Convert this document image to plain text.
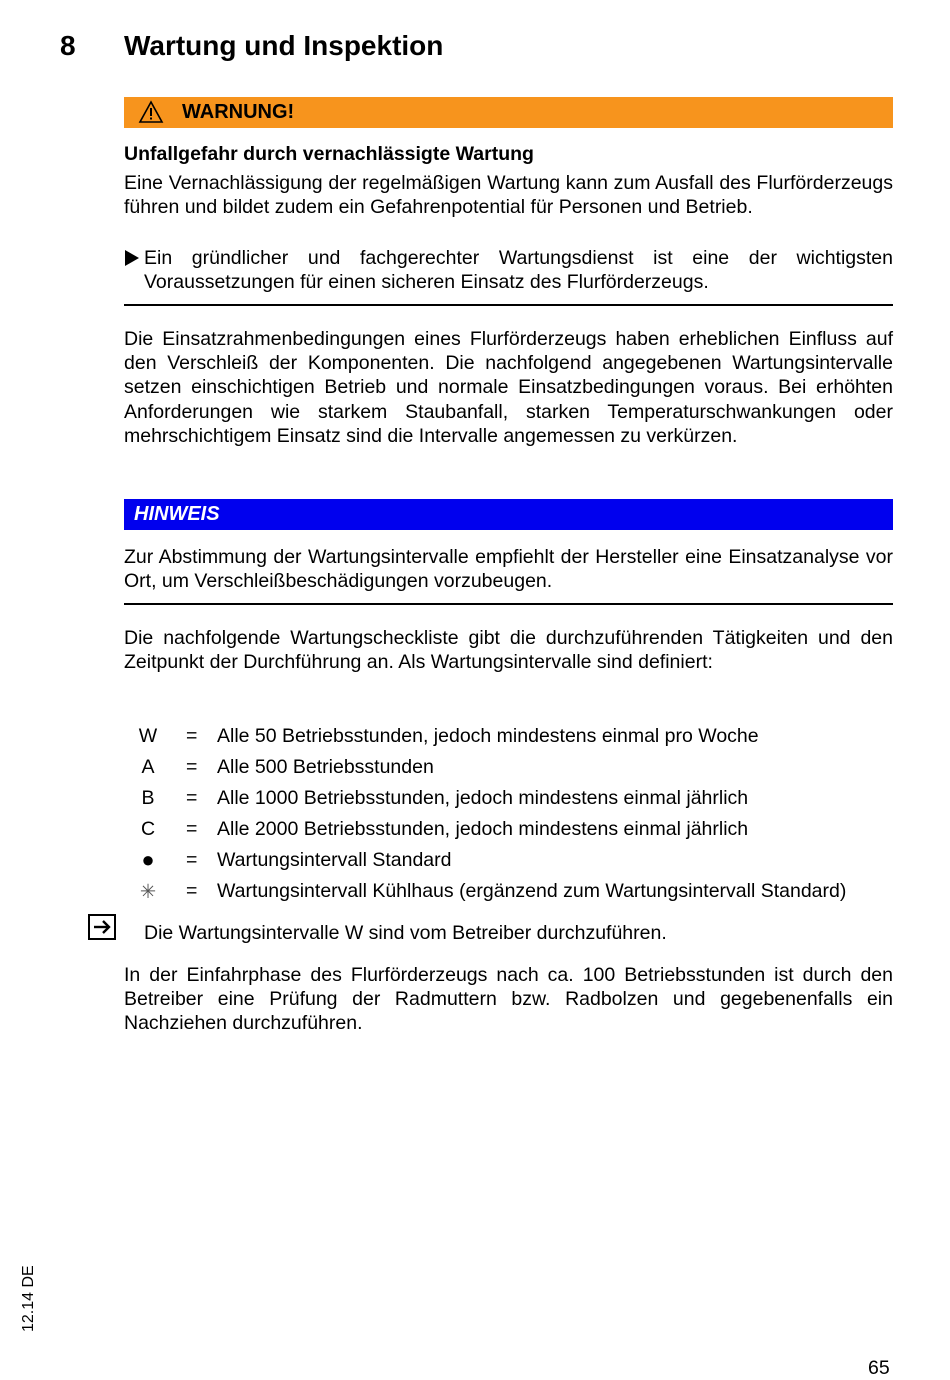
8 Wartung und Inspektion
WARNUNG!
Unfallgefahr durch vernachlässigte Wartung

Eine Vernachlässigung der regelmäßigen Wartung kann zum Ausfall des Flurförderzeugs führen und bildet zudem ein Gefahrenpotential für Personen und Betrieb.

Ein gründlicher und fachgerechter Wartungsdienst ist eine der wichtigsten Voraussetzungen für einen sicheren Einsatz des Flurförderzeugs.

Die Einsatzrahmenbedingungen eines Flurförderzeugs haben erheblichen Einfluss auf den Verschleiß der Komponenten. Die nachfolgend angegebenen Wartungsintervalle setzen einschichtigen Betrieb und normale Einsatzbedingungen voraus. Bei erhöhten Anforderungen wie starkem Staubanfall, starken Temperaturschwankungen oder mehrschichtigem Einsatz sind die Intervalle angemessen zu verkürzen.

HINWEIS

Zur Abstimmung der Wartungsintervalle empfiehlt der Hersteller eine Einsatzanalyse vor Ort, um Verschleißbeschädigungen vorzubeugen.

Die nachfolgende Wartungscheckliste gibt die durchzuführenden Tätigkeiten und den Zeitpunkt der Durchführung an. Als Wartungsintervalle sind definiert:

W	= Alle 50 Betriebsstunden, jedoch mindestens einmal pro Woche
A	= Alle 500 Betriebsstunden
B	= Alle 1000 Betriebsstunden, jedoch mindestens einmal jährlich
C	= Alle 2000 Betriebsstunden, jedoch mindestens einmal jährlich
●	= Wartungsintervall Standard
✳	= Wartungsintervall Kühlhaus (ergänzend zum Wartungsintervall Standard)
Die Wartungsintervalle W sind vom Betreiber durchzuführen.

In der Einfahrphase des Flurförderzeugs nach ca. 100 Betriebsstunden ist durch den Betreiber eine Prüfung der Radmuttern bzw. Radbolzen und gegebenenfalls ein Nachziehen durchzuführen.

12.14 DE
65
